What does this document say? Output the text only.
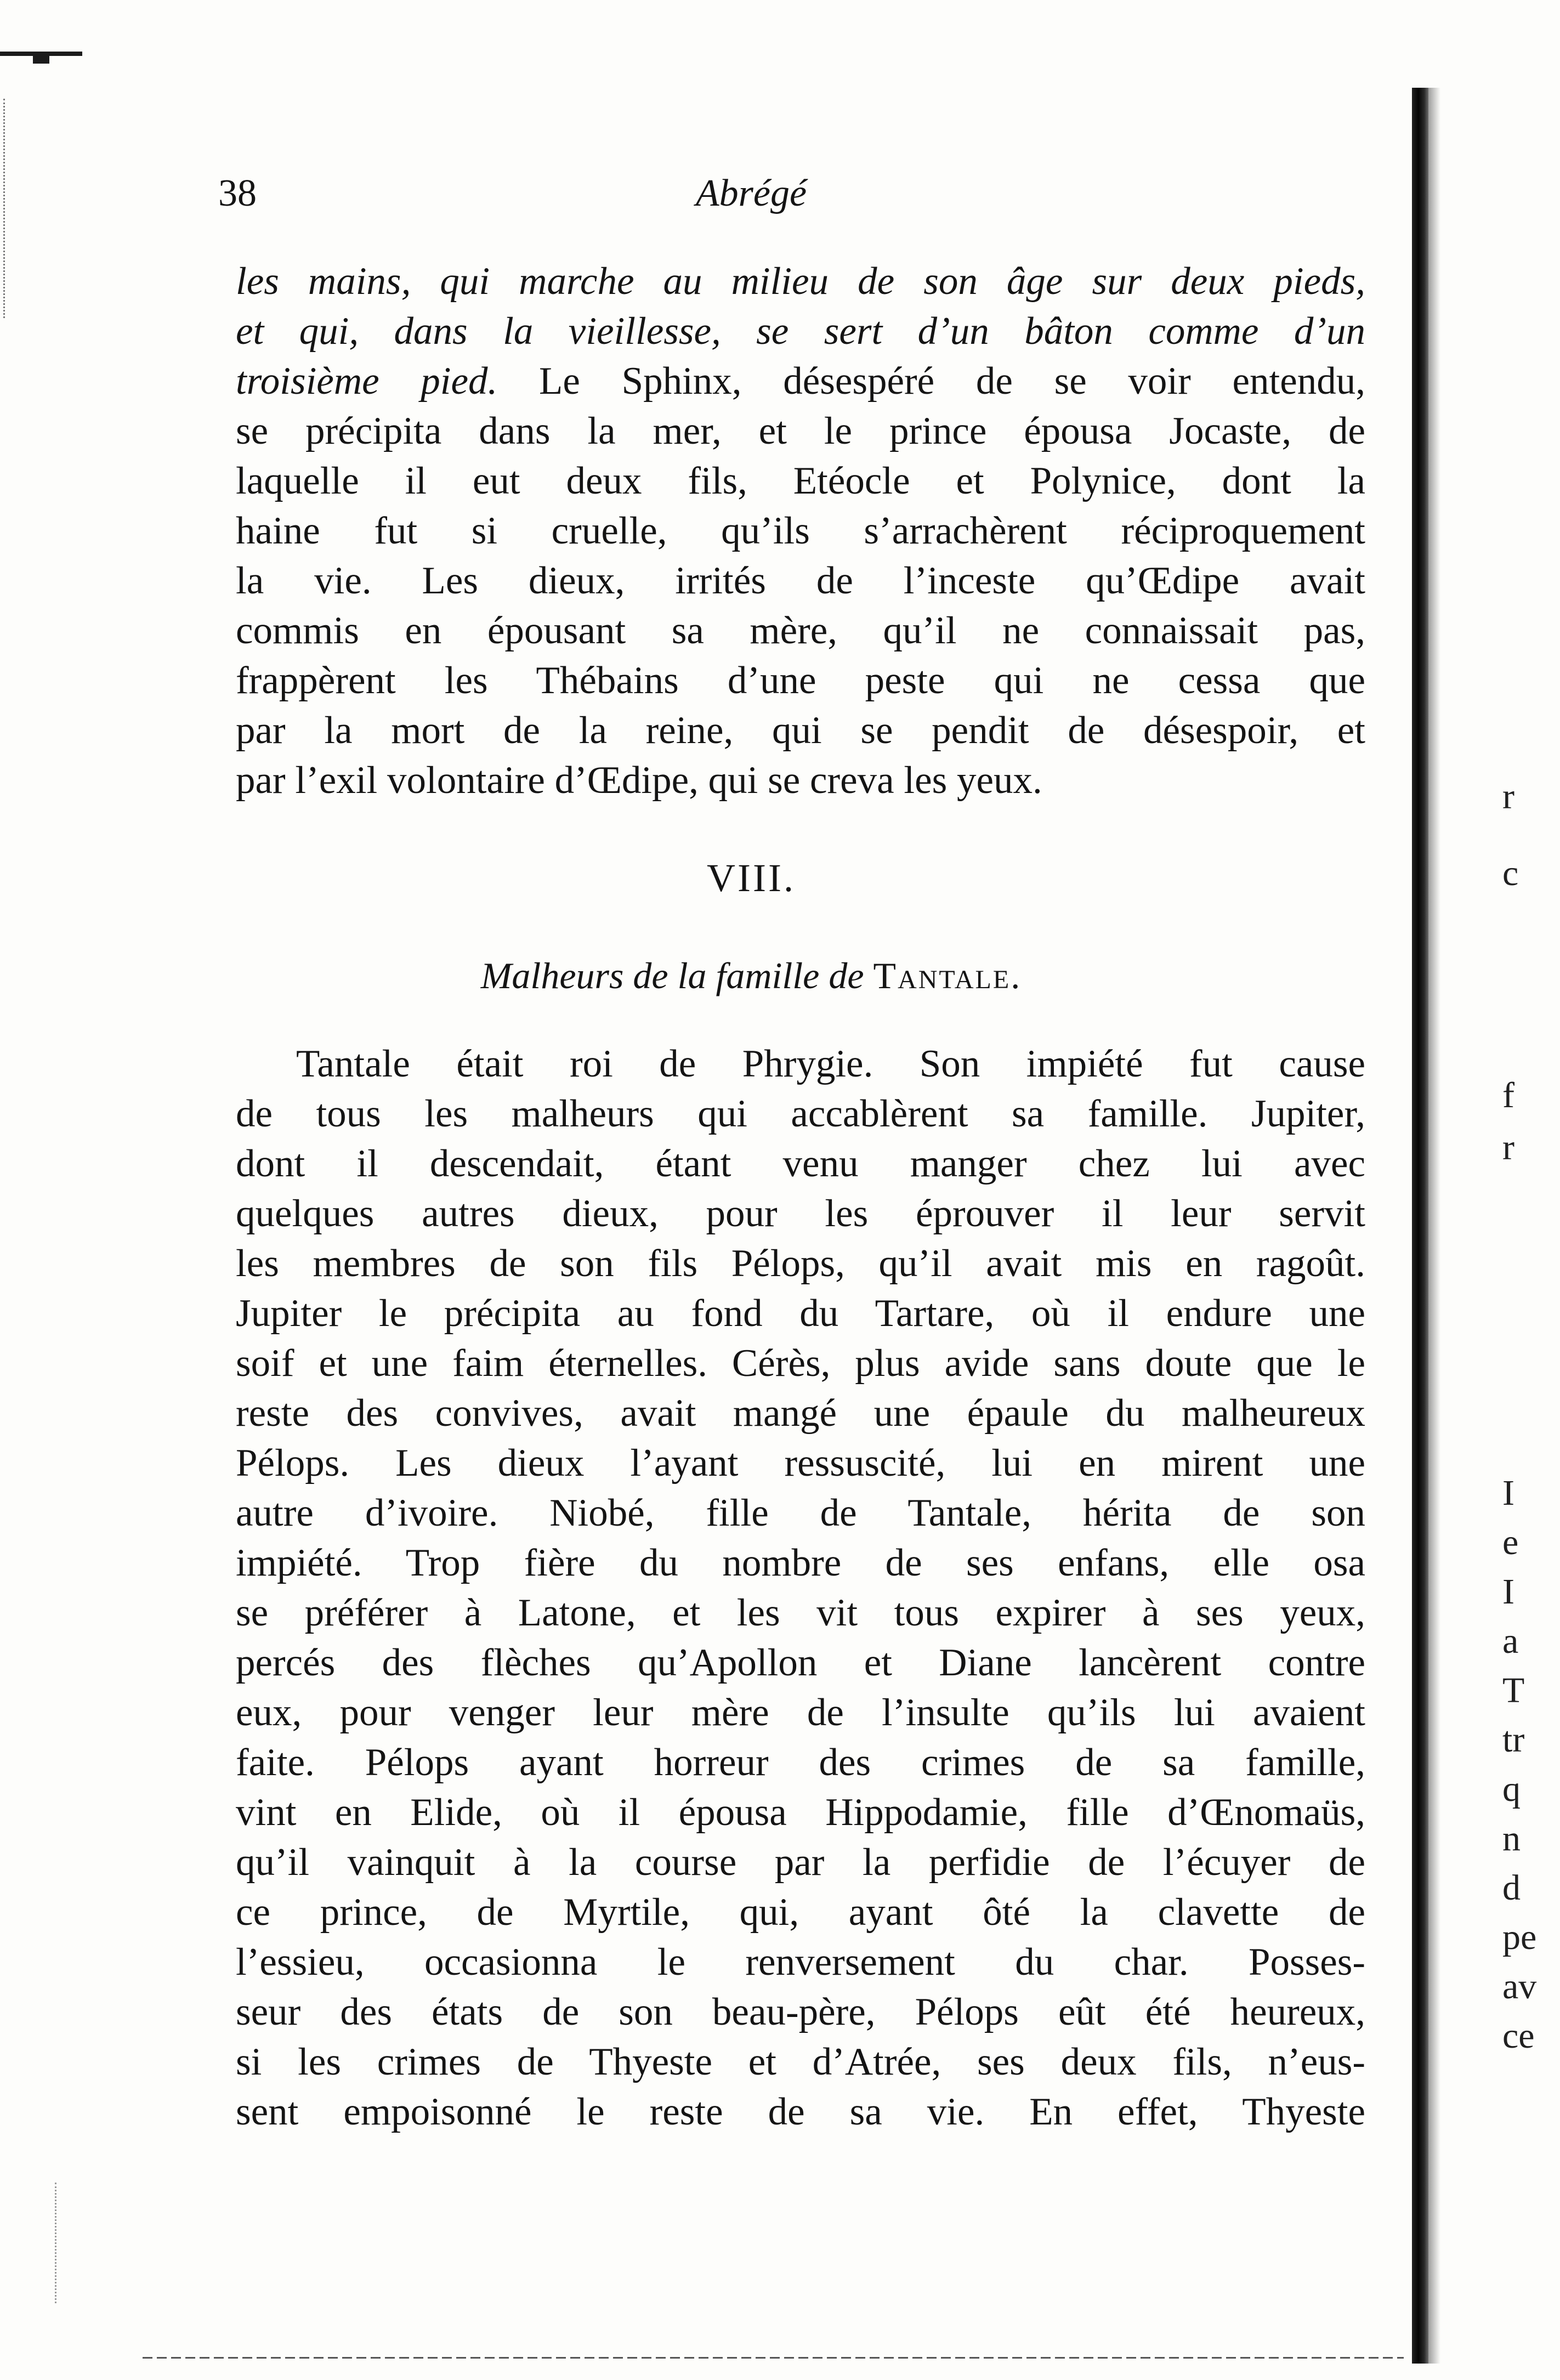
38	Abrégé
les mains, qui marche au milieu de son âge sur deux pieds,
et qui, dans la vieillesse, se sert d’un bâton comme d’un
troisième pied. Le Sphinx, désespéré de se voir entendu,
se précipita dans la mer, et le prince épousa Jocaste, de
laquelle il eut deux fils, Etéocle et Polynice, dont la
haine fut si cruelle, qu’ils s’arrachèrent réciproquement
la vie. Les dieux, irrités de l’inceste qu’Œdipe avait
commis en épousant sa mère, qu’il ne connaissait pas,
frappèrent les Thébains d’une peste qui ne cessa que
par la mort de la reine, qui se pendit de désespoir, et
par l’exil volontaire d’Œdipe, qui se creva les yeux.
VIII.
Malheurs de la famille de Tantale.
Tantale était roi de Phrygie. Son impiété fut cause
de tous les malheurs qui accablèrent sa famille. Jupiter,
dont il descendait, étant venu manger chez lui avec
quelques autres dieux, pour les éprouver il leur servit
les membres de son fils Pélops, qu’il avait mis en ragoût.
Jupiter le précipita au fond du Tartare, où il endure une
soif et une faim éternelles. Cérès, plus avide sans doute que le
reste des convives, avait mangé une épaule du malheureux
Pélops. Les dieux l’ayant ressuscité, lui en mirent une
autre d’ivoire. Niobé, fille de Tantale, hérita de son
impiété. Trop fière du nombre de ses enfans, elle osa
se préférer à Latone, et les vit tous expirer à ses yeux,
percés des flèches qu’Apollon et Diane lancèrent contre
eux, pour venger leur mère de l’insulte qu’ils lui avaient
faite. Pélops ayant horreur des crimes de sa famille,
vint en Elide, où il épousa Hippodamie, fille d’Œnomaüs,
qu’il vainquit à la course par la perfidie de l’écuyer de
ce prince, de Myrtile, qui, ayant ôté la clavette de
l’essieu, occasionna le renversement du char. Posses-
seur des états de son beau-père, Pélops eût été heureux,
si les crimes de Thyeste et d’Atrée, ses deux fils, n’eus-
sent empoisonné le reste de sa vie. En effet, Thyeste
r
c
f
r
I
e
I
a
T
tr
q
n
d
pe
av
ce
